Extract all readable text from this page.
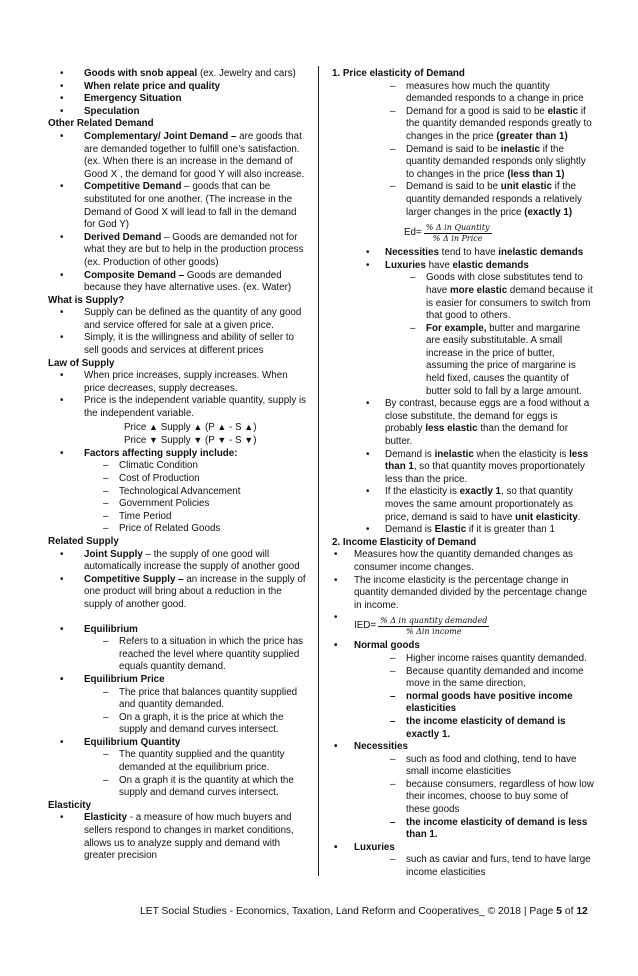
• Goods with snob appeal (ex. Jewelry and cars)
• When relate price and quality
• Emergency Situation
• Speculation
Other Related Demand
• Complementary/ Joint Demand – are goods that are demanded together to fulfill one’s satisfaction. (ex. When there is an increase in the demand of Good X , the demand for good Y will also increase.
• Competitive Demand – goods that can be substituted for one another. (The increase in the Demand of Good X will lead to fall in the demand for God Y)
• Derived Demand – Goods are demanded not for what they are but to help in the production process (ex. Production of other goods)
• Composite Demand – Goods are demanded because they have alternative uses. (ex. Water)
What is Supply?
• Supply can be defined as the quantity of any good and service offered for sale at a given price.
• Simply, it is the willingness and ability of seller to sell goods and services at different prices
Law of Supply
• When price increases, supply increases. When price decreases, supply decreases.
• Price is the independent variable quantity, supply is the independent variable.
Price ▲ Supply ▲ (P ▲ - S ▲ )
Price ▼ Supply ▼ (P ▼ - S ▼ )
• Factors affecting supply include:
– Climatic Condition
– Cost of Production
– Technological Advancement
– Government Policies
– Time Period
– Price of Related Goods
Related Supply
• Joint Supply – the supply of one good will automatically increase the supply of another good
• Competitive Supply – an increase in the supply of one product will bring about a reduction in the supply of another good.
• Equilibrium
– Refers to a situation in which the price has reached the level where quantity supplied equals quantity demand.
• Equilibrium Price
– The price that balances quantity supplied and quantity demanded.
– On a graph, it is the price at which the supply and demand curves intersect.
• Equilibrium Quantity
– The quantity supplied and the quantity demanded at the equilibrium price.
– On a graph it is the quantity at which the supply and demand curves intersect.
Elasticity
• Elasticity - a measure of how much buyers and sellers respond to changes in market conditions, allows us to analyze supply and demand with greater precision
1. Price elasticity of Demand
– measures how much the quantity demanded responds to a change in price
– Demand for a good is said to be elastic if the quantity demanded responds greatly to changes in the price (greater than 1)
– Demand is said to be inelastic if the quantity demanded responds only slightly to changes in the price (less than 1)
– Demand is said to be unit elastic if the quantity demanded responds a relatively larger changes in the price (exactly 1)
$Ed= \frac{\text{\% Δ in Quantity}}{\text{\% Δ in Price}}$
• Necessities tend to have inelastic demands
• Luxuries have elastic demands
– Goods with close substitutes tend to have more elastic demand because it is easier for consumers to switch from that good to others.
– For example, butter and margarine are easily substitutable. A small increase in the price of butter, assuming the price of margarine is held fixed, causes the quantity of butter sold to fall by a large amount.
• By contrast, because eggs are a food without a close substitute, the demand for eggs is probably less elastic than the demand for butter.
• Demand is inelastic when the elasticity is less than 1, so that quantity moves proportionately less than the price.
• If the elasticity is exactly 1, so that quantity moves the same amount proportionately as price, demand is said to have unit elasticity.
• Demand is Elastic if it is greater than 1
2. Income Elasticity of Demand
• Measures how the quantity demanded changes as consumer income changes.
• The income elasticity is the percentage change in quantity demanded divided by the percentage change in income.
• $IED= \frac{\text{\% Δ in quantity demanded}}{\text{\% Δin income}}$
• Normal goods
– Higher income raises quantity demanded.
– Because quantity demanded and income move in the same direction,
– normal goods have positive income elasticities
– the income elasticity of demand is exactly 1.
• Necessities
– such as food and clothing, tend to have small income elasticities
– because consumers, regardless of how low their incomes, choose to buy some of these goods
– the income elasticity of demand is less than 1.
• Luxuries
– such as caviar and furs, tend to have large income elasticities
LET Social Studies - Economics, Taxation, Land Reform and Cooperatives_ © 2018 | Page 5 of 12
